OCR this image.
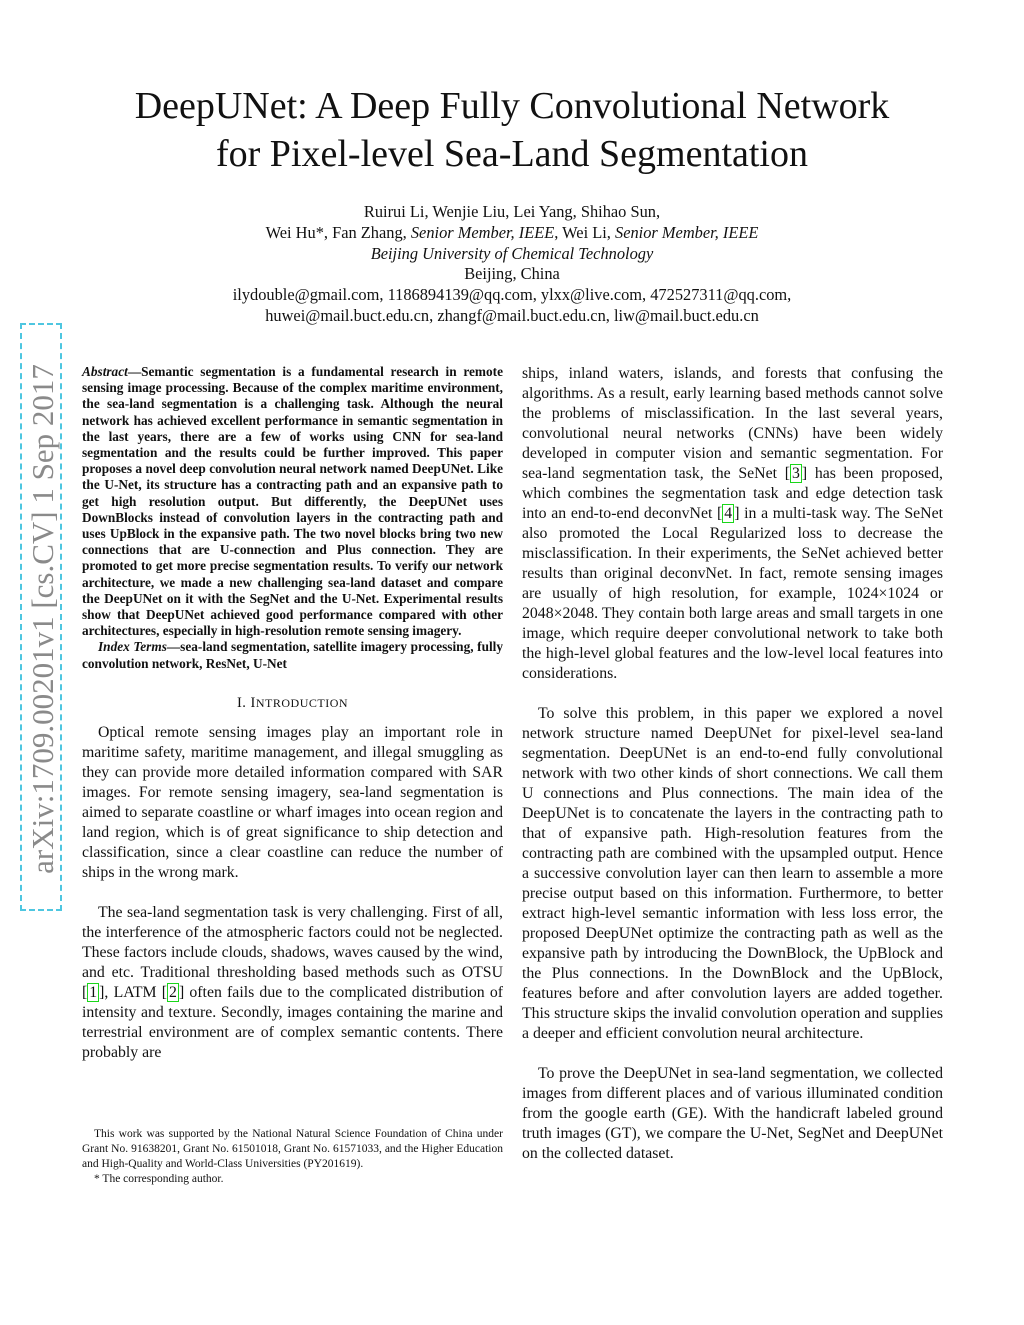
arXiv:1709.00201v1 [cs.CV] 1 Sep 2017
DeepUNet: A Deep Fully Convolutional Network
for Pixel-level Sea-Land Segmentation
Ruirui Li, Wenjie Liu, Lei Yang, Shihao Sun,
Wei Hu*, Fan Zhang, Senior Member, IEEE, Wei Li, Senior Member, IEEE
Beijing University of Chemical Technology
Beijing, China
ilydouble@gmail.com, 1186894139@qq.com, ylxx@live.com, 472527311@qq.com,
huwei@mail.buct.edu.cn, zhangf@mail.buct.edu.cn, liw@mail.buct.edu.cn

Abstract—Semantic segmentation is a fundamental research in remote sensing image processing. Because of the complex maritime environment, the sea-land segmentation is a challenging task. Although the neural network has achieved excellent performance in semantic segmentation in the last years, there are a few of works using CNN for sea-land segmentation and the results could be further improved. This paper proposes a novel deep convolution neural network named DeepUNet. Like the U-Net, its structure has a contracting path and an expansive path to get high resolution output. But differently, the DeepUNet uses DownBlocks instead of convolution layers in the contracting path and uses UpBlock in the expansive path. The two novel blocks bring two new connections that are U-connection and Plus connection. They are promoted to get more precise segmentation results. To verify our network architecture, we made a new challenging sea-land dataset and compare the DeepUNet on it with the SegNet and the U-Net. Experimental results show that DeepUNet achieved good performance compared with other architectures, especially in high-resolution remote sensing imagery.

Index Terms—sea-land segmentation, satellite imagery processing, fully convolution network, ResNet, U-Net

I. INTRODUCTION

Optical remote sensing images play an important role in maritime safety, maritime management, and illegal smuggling as they can provide more detailed information compared with SAR images. For remote sensing imagery, sea-land segmentation is aimed to separate coastline or wharf images into ocean region and land region, which is of great significance to ship detection and classification, since a clear coastline can reduce the number of ships in the wrong mark.

The sea-land segmentation task is very challenging. First of all, the interference of the atmospheric factors could not be neglected. These factors include clouds, shadows, waves caused by the wind, and etc. Traditional thresholding based methods such as OTSU [ 1 ], LATM [ 2 ] often fails due to the complicated distribution of intensity and texture. Secondly, images containing the marine and terrestrial environment are of complex semantic contents. There probably are

This work was supported by the National Natural Science Foundation of China under Grant No. 91638201, Grant No. 61501018, Grant No. 61571033, and the Higher Education and High-Quality and World-Class Universities (PY201619).

* The corresponding author.

ships, inland waters, islands, and forests that confusing the algorithms. As a result, early learning based methods cannot solve the problems of misclassification. In the last several years, convolutional neural networks (CNNs) have been widely developed in computer vision and semantic segmentation. For sea-land segmentation task, the SeNet [ 3 ] has been proposed, which combines the segmentation task and edge detection task into an end-to-end deconvNet [ 4 ] in a multi-task way. The SeNet also promoted the Local Regularized loss to decrease the misclassification. In their experiments, the SeNet achieved better results than original deconvNet. In fact, remote sensing images are usually of high resolution, for example, 1024×1024 or 2048×2048. They contain both large areas and small targets in one image, which require deeper convolutional network to take both the high-level global features and the low-level local features into considerations.

To solve this problem, in this paper we explored a novel network structure named DeepUNet for pixel-level sea-land segmentation. DeepUNet is an end-to-end fully convolutional network with two other kinds of short connections. We call them U connections and Plus connections. The main idea of the DeepUNet is to concatenate the layers in the contracting path to that of expansive path. High-resolution features from the contracting path are combined with the upsampled output. Hence a successive convolution layer can then learn to assemble a more precise output based on this information. Furthermore, to better extract high-level semantic information with less loss error, the proposed DeepUNet optimize the contracting path as well as the expansive path by introducing the DownBlock, the UpBlock and the Plus connections. In the DownBlock and the UpBlock, features before and after convolution layers are added together. This structure skips the invalid convolution operation and supplies a deeper and efficient convolution neural architecture.

To prove the DeepUNet in sea-land segmentation, we collected images from different places and of various illuminated condition from the google earth (GE). With the handicraft labeled ground truth images (GT), we compare the U-Net, SegNet and DeepUNet on the collected dataset.
